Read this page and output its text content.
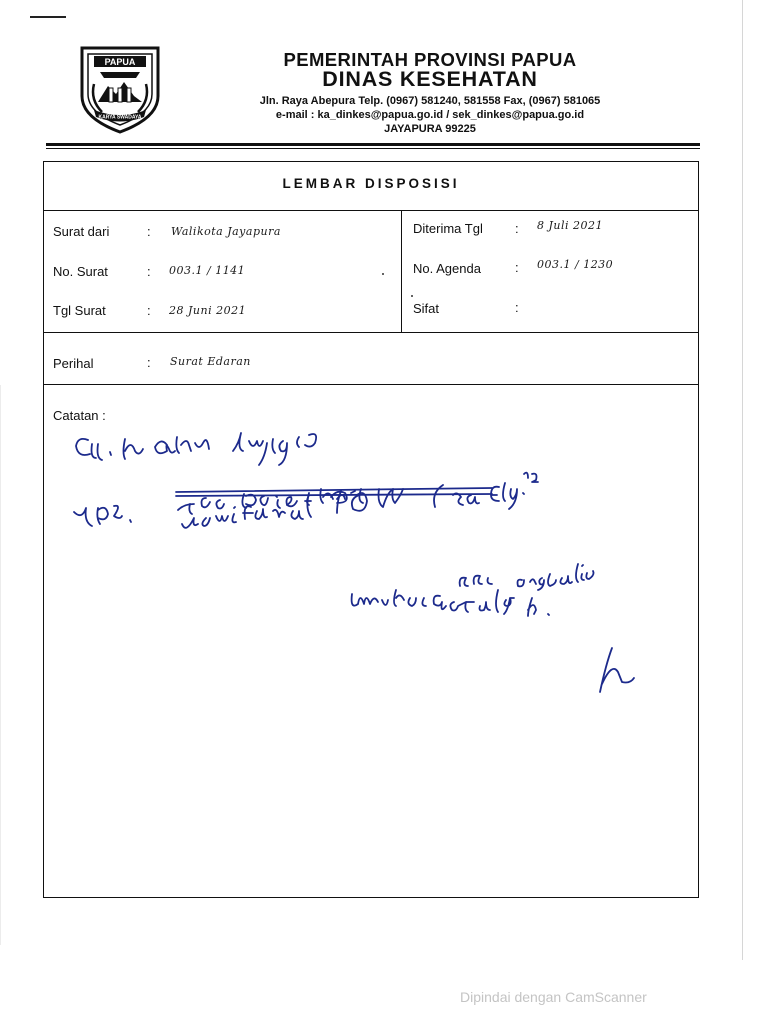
PAPUA
KARYA SWADAYA
PEMERINTAH PROVINSI PAPUA
DINAS KESEHATAN
Jln. Raya Abepura Telp. (0967) 581240, 581558 Fax, (0967) 581065
e-mail : ka_dinkes@papua.go.id / sek_dinkes@papua.go.id
JAYAPURA 99225
LEMBAR DISPOSISI
Surat dari	: Walikota Jayapura
No. Surat	: 003.1 / 1141
Tgl Surat	: 28 Juni 2021
Diterima Tgl : 8 Juli 2021
No. Agenda	: 003.1 / 1230
Sifat	:
Perihal	: Surat Edaran
Catatan :
Dipindai dengan CamScanner
